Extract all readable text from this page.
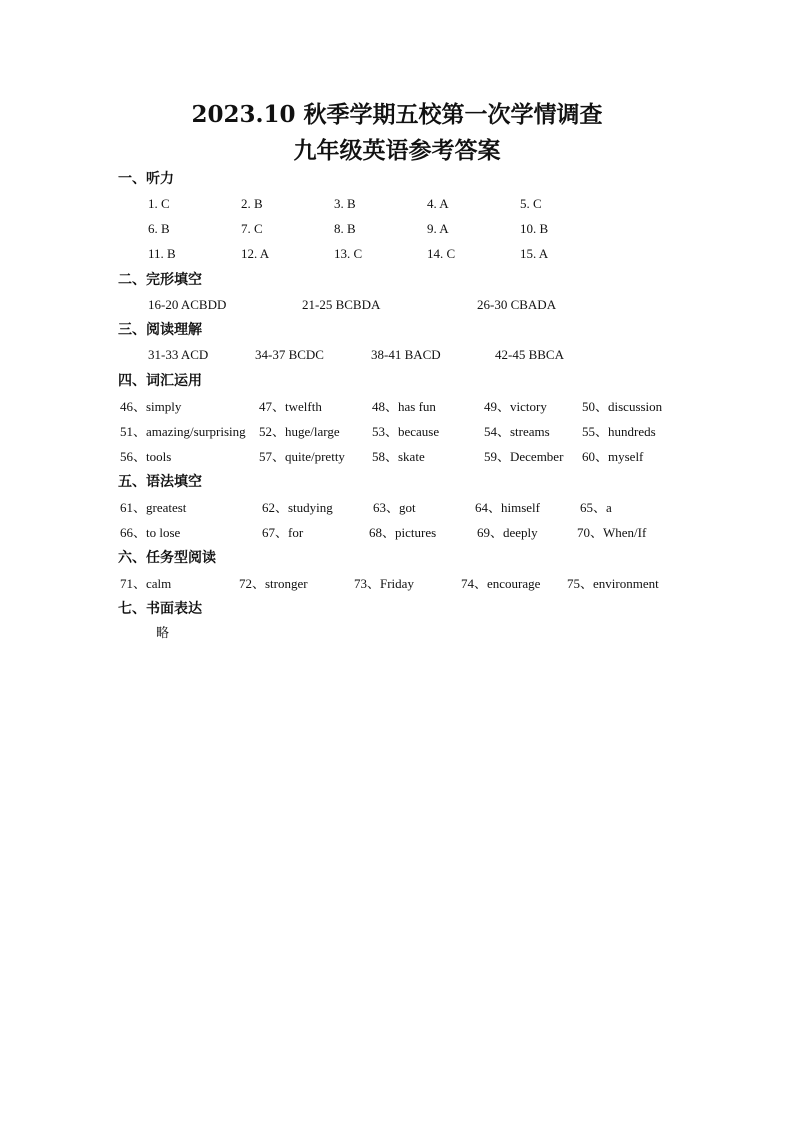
2023.10 秋季学期五校第一次学情调查
九年级英语参考答案
一、听力
1. C	2. B	3. B	4. A	5. C
6. B	7. C	8. B	9. A	10. B
11. B	12. A	13. C	14. C	15. A
二、完形填空
16-20 ACBDD	21-25 BCBDA	26-30 CBADA
三、阅读理解
31-33 ACD	34-37 BCDC	38-41 BACD	42-45 BBCA
四、词汇运用
46、simply	47、twelfth	48、has fun	49、victory	50、discussion
51、amazing/surprising 52、huge/large 53、because	54、streams 55、hundreds
56、tools	57、quite/pretty 58、skate	59、December 60、myself
五、语法填空
61、greatest	62、studying	63、got	64、himself	65、a
66、to lose	67、for	68、pictures	69、deeply	70、When/If
六、任务型阅读
71、calm	72、stronger	73、Friday	74、encourage 75、environment
七、书面表达
略
